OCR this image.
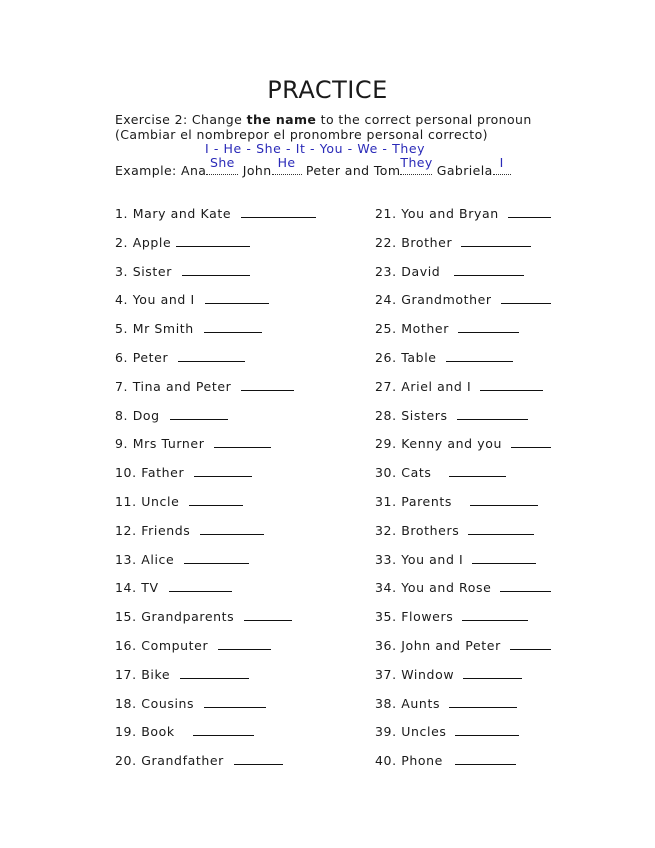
PRACTICE
Exercise 2: Change the name to the correct personal pronoun
(Cambiar el nombrepor el pronombre personal correcto)
I - He - She - It - You - We - They
Example: Ana
She
John
He
Peter and Tom
They
Gabriela
I
1. Mary and Kate
2. Apple
3. Sister
4. You and I
5. Mr Smith
6. Peter
7. Tina and Peter
8. Dog
9. Mrs Turner
10. Father
11. Uncle
12. Friends
13. Alice
14. TV
15. Grandparents
16. Computer
17. Bike
18. Cousins
19. Book
20. Grandfather
21. You and Bryan
22. Brother
23. David
24. Grandmother
25. Mother
26. Table
27. Ariel and I
28. Sisters
29. Kenny and you
30. Cats
31. Parents
32. Brothers
33. You and I
34. You and Rose
35. Flowers
36. John and Peter
37. Window
38. Aunts
39. Uncles
40. Phone
